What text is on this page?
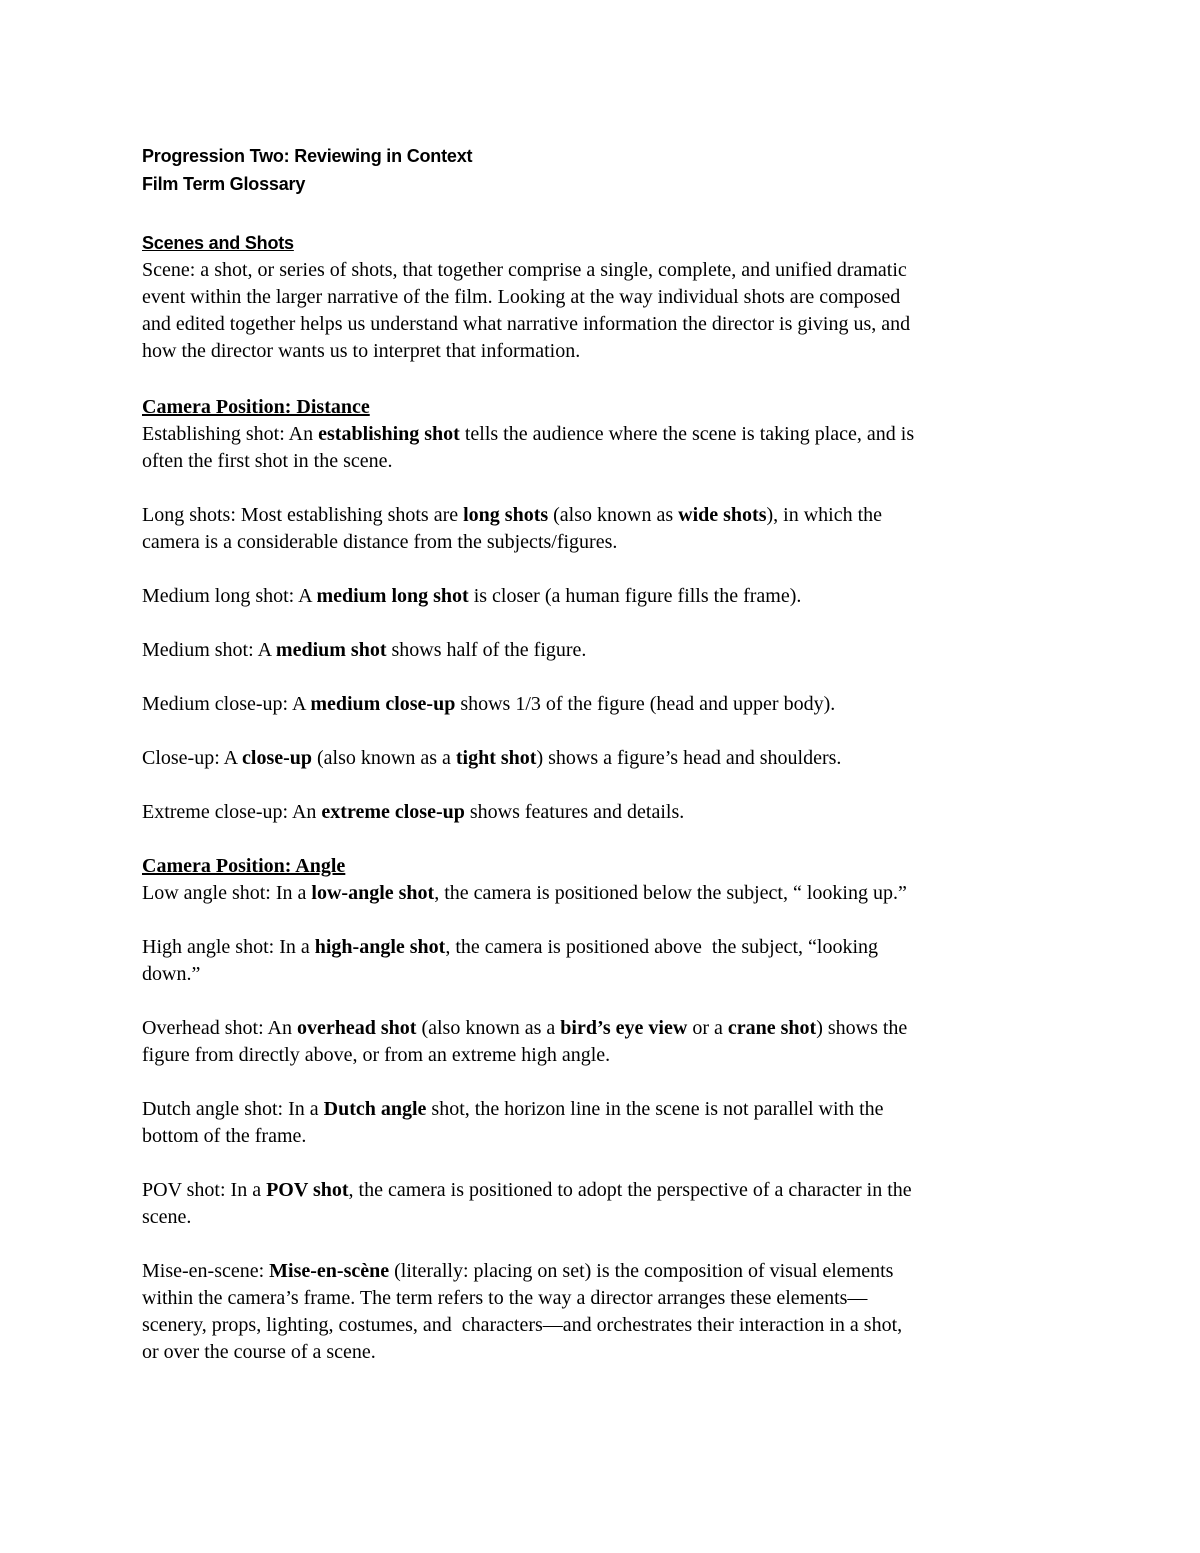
Progression Two: Reviewing in Context
Film Term Glossary
Scenes and Shots
Scene: a shot, or series of shots, that together comprise a single, complete, and unified dramatic
event within the larger narrative of the film. Looking at the way individual shots are composed
and edited together helps us understand what narrative information the director is giving us, and
how the director wants us to interpret that information.
Camera Position: Distance
Establishing shot: An establishing shot tells the audience where the scene is taking place, and is
often the first shot in the scene.
Long shots: Most establishing shots are long shots (also known as wide shots), in which the
camera is a considerable distance from the subjects/figures.
Medium long shot: A medium long shot is closer (a human figure fills the frame).
Medium shot: A medium shot shows half of the figure.
Medium close-up: A medium close-up shows 1/3 of the figure (head and upper body).
Close-up: A close-up (also known as a tight shot) shows a figure’s head and shoulders.
Extreme close-up: An extreme close-up shows features and details.
Camera Position: Angle
Low angle shot: In a low-angle shot, the camera is positioned below the subject, “ looking up.”
High angle shot: In a high-angle shot, the camera is positioned above  the subject, “looking
down.”
Overhead shot: An overhead shot (also known as a bird’s eye view or a crane shot) shows the
figure from directly above, or from an extreme high angle.
Dutch angle shot: In a Dutch angle shot, the horizon line in the scene is not parallel with the
bottom of the frame.
POV shot: In a POV shot, the camera is positioned to adopt the perspective of a character in the
scene.
Mise-en-scene: Mise-en-scène (literally: placing on set) is the composition of visual elements
within the camera’s frame. The term refers to the way a director arranges these elements—
scenery, props, lighting, costumes, and  characters—and orchestrates their interaction in a shot,
or over the course of a scene.
